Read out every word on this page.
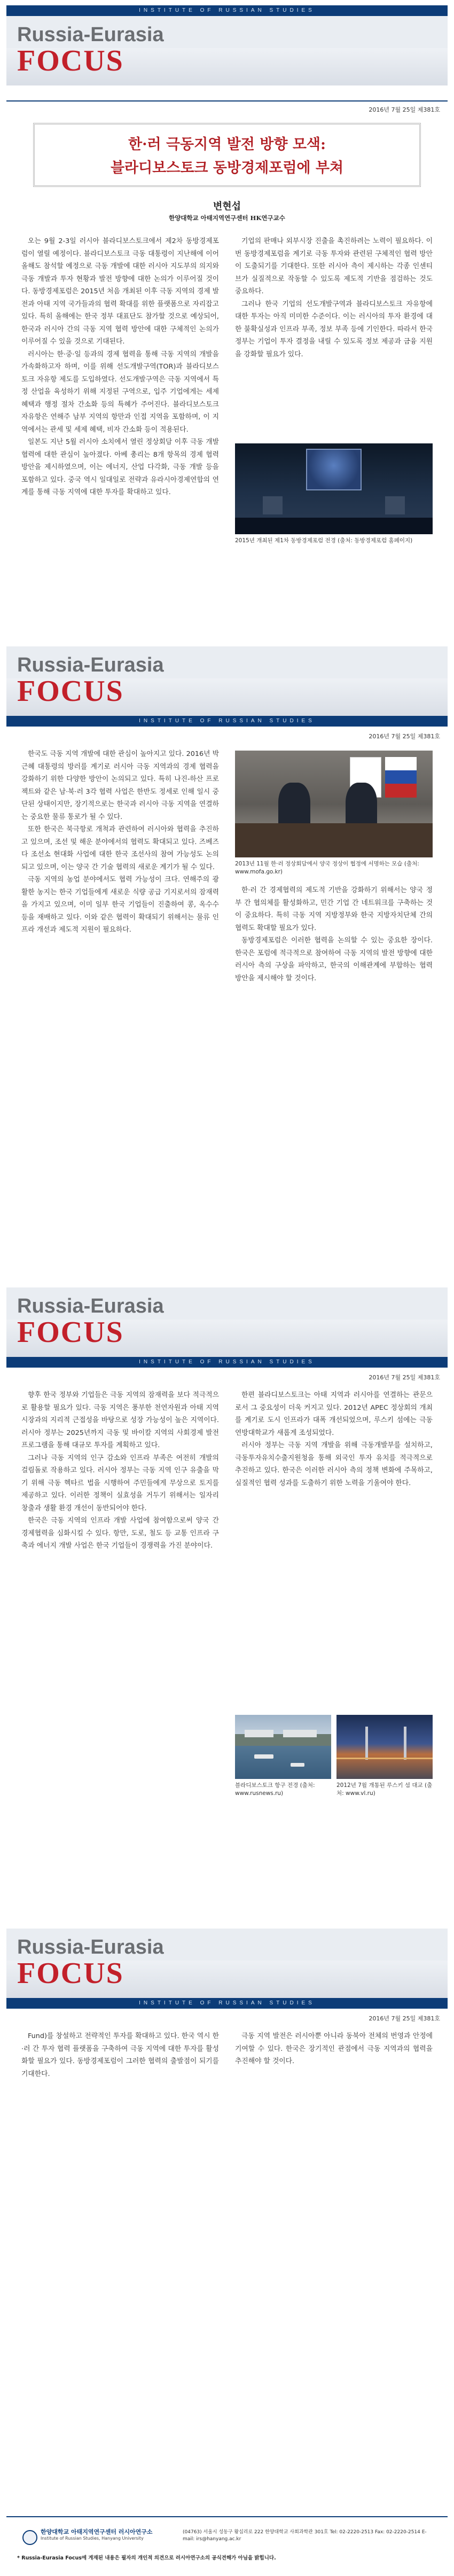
INSTITUTE OF RUSSIAN STUDIES
Russia-Eurasia
FOCUS
2016년 7월 25일 제381호
한·러 극동지역 발전 방향 모색:
블라디보스토크 동방경제포럼에 부쳐
변현섭
한양대학교 아태지역연구센터 HK연구교수

오는 9월 2-3일 러시아 블라디보스토크에서 제2차 동방경제포럼이 열릴 예정이다. 블라디보스토크 극동 대통령이 지난해에 이어 올해도 참석할 예정으로 극동 개발에 대한 러시아 지도부의 의지와 극동 개발과 투자 현황과 발전 방향에 대한 논의가 이루어질 것이다. 동방경제포럼은 2015년 처음 개최된 이후 극동 지역의 경제 발전과 아태 지역 국가들과의 협력 확대를 위한 플랫폼으로 자리잡고 있다. 특히 올해에는 한국 정부 대표단도 참가할 것으로 예상되어, 한국과 러시아 간의 극동 지역 협력 방안에 대한 구체적인 논의가 이루어질 수 있을 것으로 기대된다.

러시아는 한·중·일 등과의 경제 협력을 통해 극동 지역의 개발을 가속화하고자 하며, 이를 위해 선도개발구역(TOR)과 블라디보스토크 자유항 제도를 도입하였다. 선도개발구역은 극동 지역에서 특정 산업을 육성하기 위해 지정된 구역으로, 입주 기업에게는 세제 혜택과 행정 절차 간소화 등의 특혜가 주어진다. 블라디보스토크 자유항은 연해주 남부 지역의 항만과 인접 지역을 포함하며, 이 지역에서는 관세 및 세제 혜택, 비자 간소화 등이 적용된다.

일본도 지난 5월 러시아 소치에서 열린 정상회담 이후 극동 개발 협력에 대한 관심이 높아졌다. 아베 총리는 8개 항목의 경제 협력 방안을 제시하였으며, 이는 에너지, 산업 다각화, 극동 개발 등을 포함하고 있다. 중국 역시 일대일로 전략과 유라시아경제연합의 연계를 통해 극동 지역에 대한 투자를 확대하고 있다.

기업의 판매나 외부시장 진출을 촉진하려는 노력이 필요하다. 이번 동방경제포럼을 계기로 극동 투자와 관련된 구체적인 협력 방안이 도출되기를 기대한다. 또한 러시아 측이 제시하는 각종 인센티브가 실질적으로 작동할 수 있도록 제도적 기반을 점검하는 것도 중요하다.

그러나 한국 기업의 선도개발구역과 블라디보스토크 자유항에 대한 투자는 아직 미미한 수준이다. 이는 러시아의 투자 환경에 대한 불확실성과 인프라 부족, 정보 부족 등에 기인한다. 따라서 한국 정부는 기업이 투자 결정을 내릴 수 있도록 정보 제공과 금융 지원을 강화할 필요가 있다.

2015년 개최된 제1차 동방경제포럼 전경 (출처: 동방경제포럼 홈페이지)
Russia-Eurasia
FOCUS
INSTITUTE OF RUSSIAN STUDIES
2016년 7월 25일 제381호

한국도 극동 지역 개발에 대한 관심이 높아지고 있다. 2016년 박근혜 대통령의 방러를 계기로 러시아 극동 지역과의 경제 협력을 강화하기 위한 다양한 방안이 논의되고 있다. 특히 나진-하산 프로젝트와 같은 남·북·러 3각 협력 사업은 한반도 정세로 인해 일시 중단된 상태이지만, 장기적으로는 한국과 러시아 극동 지역을 연결하는 중요한 물류 통로가 될 수 있다.

또한 한국은 북극항로 개척과 관련하여 러시아와 협력을 추진하고 있으며, 조선 및 해운 분야에서의 협력도 확대되고 있다. 즈베즈다 조선소 현대화 사업에 대한 한국 조선사의 참여 가능성도 논의되고 있으며, 이는 양국 간 기술 협력의 새로운 계기가 될 수 있다.

극동 지역의 농업 분야에서도 협력 가능성이 크다. 연해주의 광활한 농지는 한국 기업들에게 새로운 식량 공급 기지로서의 잠재력을 가지고 있으며, 이미 일부 한국 기업들이 진출하여 콩, 옥수수 등을 재배하고 있다. 이와 같은 협력이 확대되기 위해서는 물류 인프라 개선과 제도적 지원이 필요하다.

2013년 11월 한·러 정상회담에서 양국 정상이 협정에 서명하는 모습 (출처: www.mofa.go.kr)

한·러 간 경제협력의 제도적 기반을 강화하기 위해서는 양국 정부 간 협의체를 활성화하고, 민간 기업 간 네트워크를 구축하는 것이 중요하다. 특히 극동 지역 지방정부와 한국 지방자치단체 간의 협력도 확대할 필요가 있다.

동방경제포럼은 이러한 협력을 논의할 수 있는 중요한 장이다. 한국은 포럼에 적극적으로 참여하여 극동 지역의 발전 방향에 대한 러시아 측의 구상을 파악하고, 한국의 이해관계에 부합하는 협력 방안을 제시해야 할 것이다.

Russia-Eurasia
FOCUS
INSTITUTE OF RUSSIAN STUDIES
2016년 7월 25일 제381호

향후 한국 정부와 기업들은 극동 지역의 잠재력을 보다 적극적으로 활용할 필요가 있다. 극동 지역은 풍부한 천연자원과 아태 지역 시장과의 지리적 근접성을 바탕으로 성장 가능성이 높은 지역이다. 러시아 정부는 2025년까지 극동 및 바이칼 지역의 사회경제 발전 프로그램을 통해 대규모 투자를 계획하고 있다.

그러나 극동 지역의 인구 감소와 인프라 부족은 여전히 개발의 걸림돌로 작용하고 있다. 러시아 정부는 극동 지역 인구 유출을 막기 위해 극동 헥타르 법을 시행하여 주민들에게 무상으로 토지를 제공하고 있다. 이러한 정책이 실효성을 거두기 위해서는 일자리 창출과 생활 환경 개선이 동반되어야 한다.

한국은 극동 지역의 인프라 개발 사업에 참여함으로써 양국 간 경제협력을 심화시킬 수 있다. 항만, 도로, 철도 등 교통 인프라 구축과 에너지 개발 사업은 한국 기업들이 경쟁력을 가진 분야이다.

한편 블라디보스토크는 아태 지역과 러시아를 연결하는 관문으로서 그 중요성이 더욱 커지고 있다. 2012년 APEC 정상회의 개최를 계기로 도시 인프라가 대폭 개선되었으며, 루스키 섬에는 극동연방대학교가 새롭게 조성되었다.

러시아 정부는 극동 지역 개발을 위해 극동개발부를 설치하고, 극동투자유치수출지원청을 통해 외국인 투자 유치를 적극적으로 추진하고 있다. 한국은 이러한 러시아 측의 정책 변화에 주목하고, 실질적인 협력 성과를 도출하기 위한 노력을 기울여야 한다.

블라디보스토크 항구 전경 (출처: www.rusnews.ru)
2012년 7월 개통된 루스키 섬 대교 (출처: www.vl.ru)
Russia-Eurasia
FOCUS
INSTITUTE OF RUSSIAN STUDIES
2016년 7월 25일 제381호

Fund)를 창설하고 전략적인 투자를 확대하고 있다. 한국 역시 한·러 간 투자 협력 플랫폼을 구축하여 극동 지역에 대한 투자를 활성화할 필요가 있다. 동방경제포럼이 그러한 협력의 출발점이 되기를 기대한다.

극동 지역 발전은 러시아뿐 아니라 동북아 전체의 번영과 안정에 기여할 수 있다. 한국은 장기적인 관점에서 극동 지역과의 협력을 추진해야 할 것이다.

한양대학교 아태지역연구센터 러시아연구소
Institute of Russian Studies, Hanyang University
(04763) 서울시 성동구 왕십리로 222 한양대학교 사회과학관 301호 Tel: 02-2220-2513 Fax: 02-2220-2514 E-mail: irs@hanyang.ac.kr
* Russia-Eurasia Focus에 게재된 내용은 필자의 개인적 의견으로 러시아연구소의 공식견해가 아님을 밝힙니다.
